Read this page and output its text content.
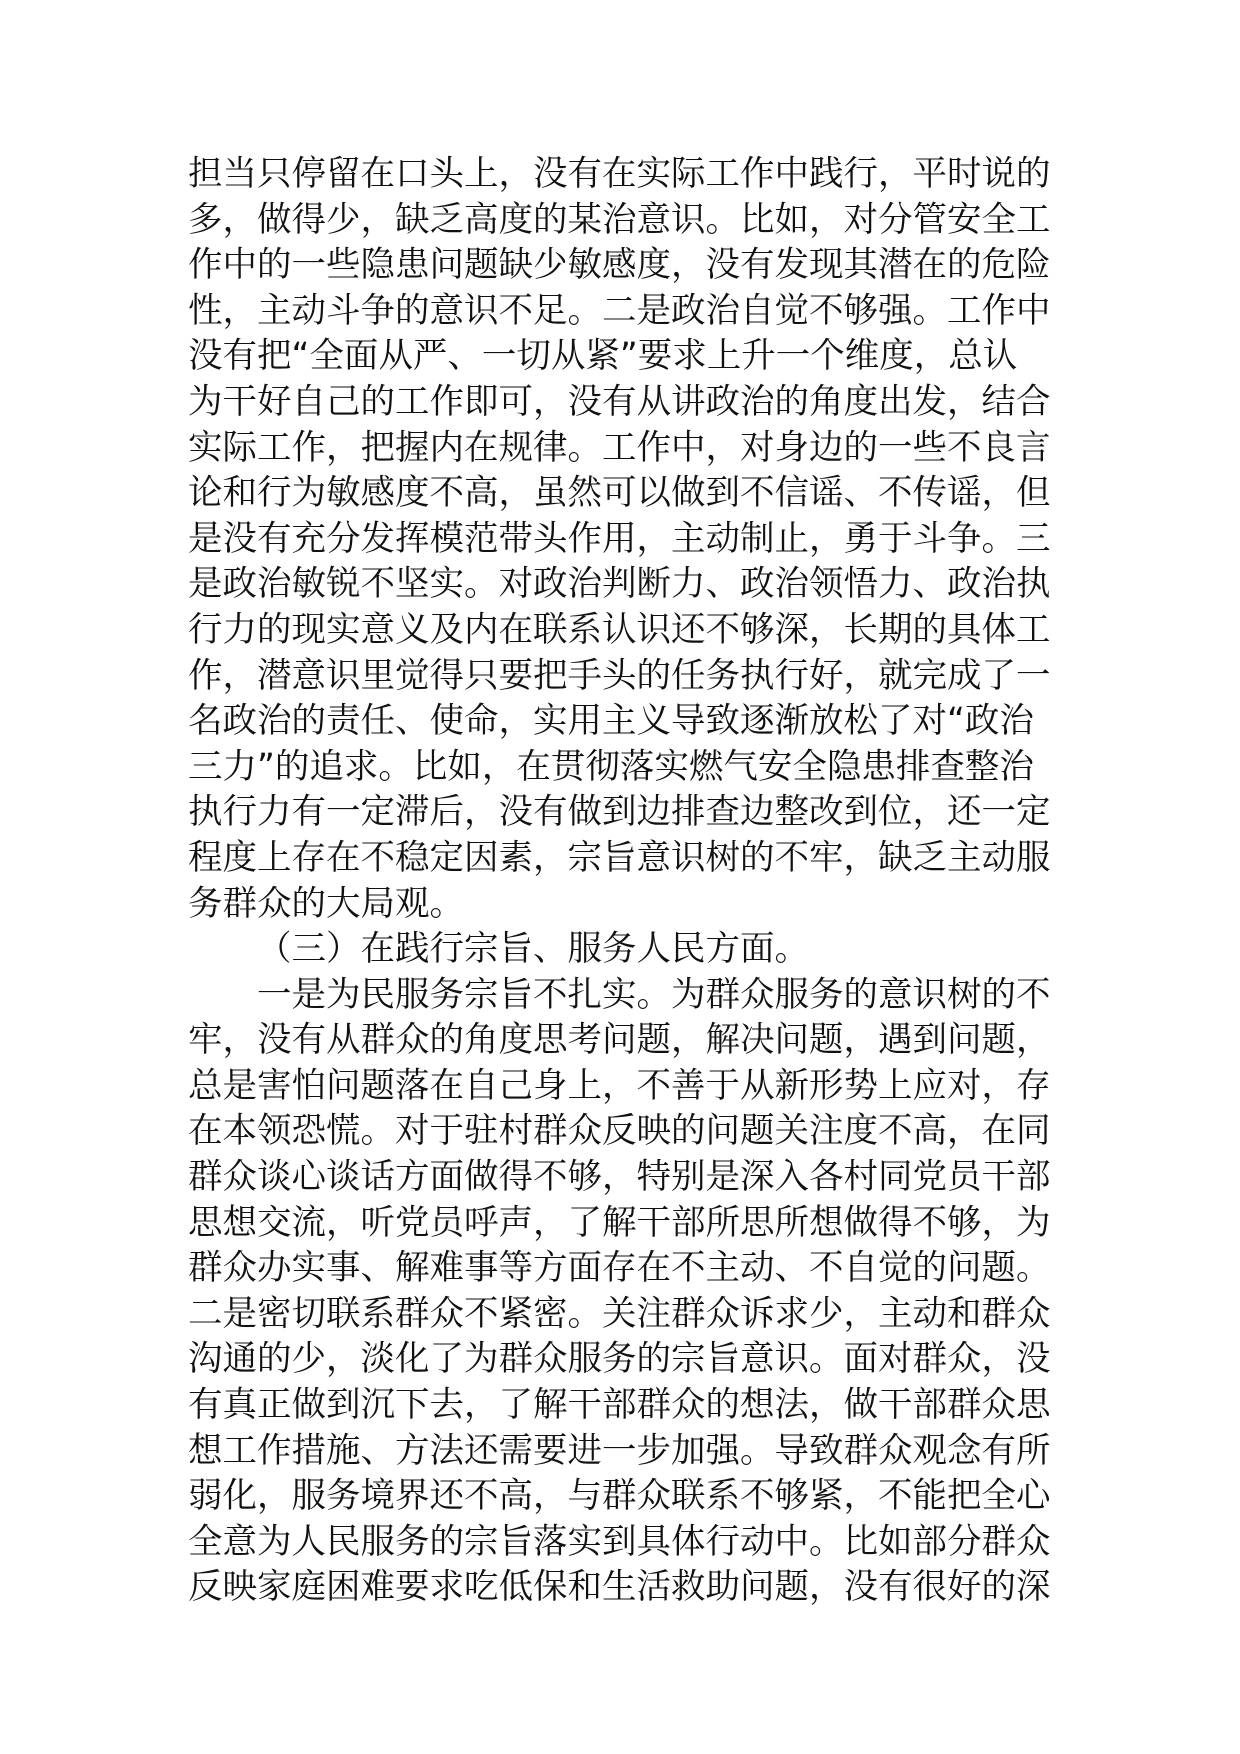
担当只停留在口头上，没有在实际工作中践行，平时说的
多，做得少，缺乏高度的某治意识。比如，对分管安全工
作中的一些隐患问题缺少敏感度，没有发现其潜在的危险
性，主动斗争的意识不足。二是政治自觉不够强。工作中
没有把“全面从严、一切从紧”要求上升一个维度，总认
为干好自己的工作即可，没有从讲政治的角度出发，结合
实际工作，把握内在规律。工作中，对身边的一些不良言
论和行为敏感度不高，虽然可以做到不信谣、不传谣，但
是没有充分发挥模范带头作用，主动制止，勇于斗争。三
是政治敏锐不坚实。对政治判断力、政治领悟力、政治执
行力的现实意义及内在联系认识还不够深，长期的具体工
作，潜意识里觉得只要把手头的任务执行好，就完成了一
名政治的责任、使命，实用主义导致逐渐放松了对“政治
三力”的追求。比如，在贯彻落实燃气安全隐患排查整治
执行力有一定滞后，没有做到边排查边整改到位，还一定
程度上存在不稳定因素，宗旨意识树的不牢，缺乏主动服
务群众的大局观。
（三）在践行宗旨、服务人民方面。
一是为民服务宗旨不扎实。为群众服务的意识树的不
牢，没有从群众的角度思考问题，解决问题，遇到问题，
总是害怕问题落在自己身上，不善于从新形势上应对，存
在本领恐慌。对于驻村群众反映的问题关注度不高，在同
群众谈心谈话方面做得不够，特别是深入各村同党员干部
思想交流，听党员呼声，了解干部所思所想做得不够，为
群众办实事、解难事等方面存在不主动、不自觉的问题。
二是密切联系群众不紧密。关注群众诉求少，主动和群众
沟通的少，淡化了为群众服务的宗旨意识。面对群众，没
有真正做到沉下去，了解干部群众的想法，做干部群众思
想工作措施、方法还需要进一步加强。导致群众观念有所
弱化，服务境界还不高，与群众联系不够紧，不能把全心
全意为人民服务的宗旨落实到具体行动中。比如部分群众
反映家庭困难要求吃低保和生活救助问题，没有很好的深
